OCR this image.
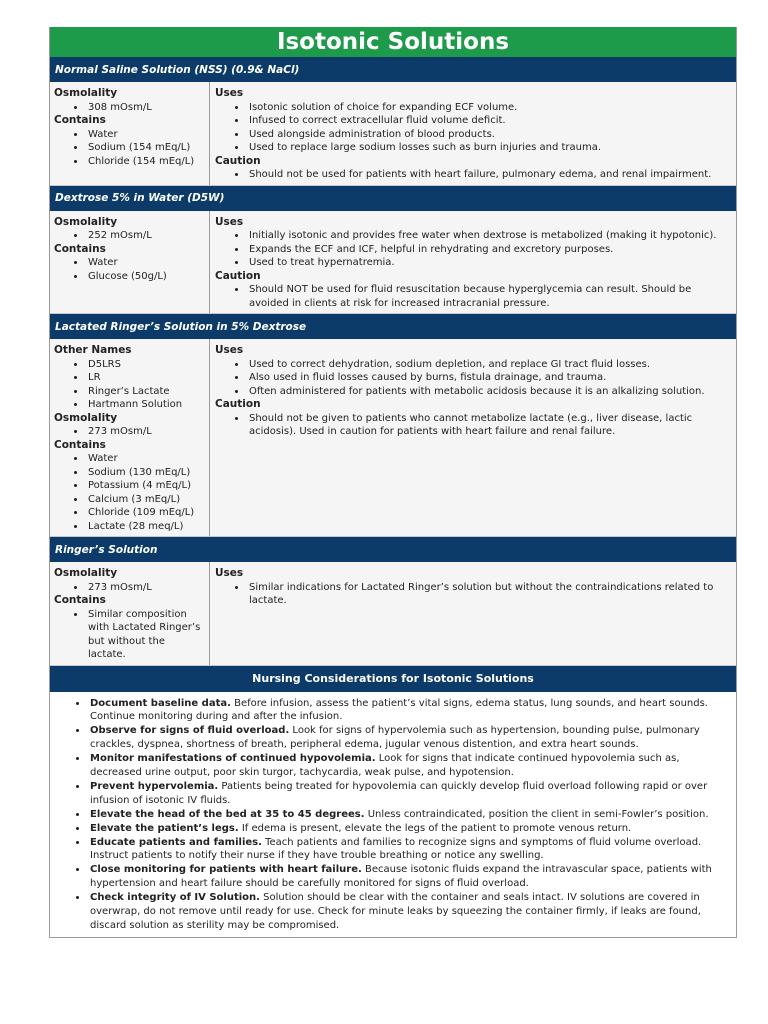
Isotonic Solutions
Normal Saline Solution (NSS) (0.9& NaCl)
Osmolality
• 308 mOsm/L
Contains
• Water
• Sodium (154 mEq/L)
• Chloride (154 mEq/L)
Uses
• Isotonic solution of choice for expanding ECF volume.
• Infused to correct extracellular fluid volume deficit.
• Used alongside administration of blood products.
• Used to replace large sodium losses such as burn injuries and trauma.
Caution
• Should not be used for patients with heart failure, pulmonary edema, and renal impairment.
Dextrose 5% in Water (D5W)
Osmolality
• 252 mOsm/L
Contains
• Water
• Glucose (50g/L)
Uses
• Initially isotonic and provides free water when dextrose is metabolized (making it hypotonic).
• Expands the ECF and ICF, helpful in rehydrating and excretory purposes.
• Used to treat hypernatremia.
Caution
• Should NOT be used for fluid resuscitation because hyperglycemia can result. Should be avoided in clients at risk for increased intracranial pressure.
Lactated Ringer’s Solution in 5% Dextrose
Other Names
• D5LRS
• LR
• Ringer’s Lactate
• Hartmann Solution
Osmolality
• 273 mOsm/L
Contains
• Water
• Sodium (130 mEq/L)
• Potassium (4 mEq/L)
• Calcium (3 mEq/L)
• Chloride (109 mEq/L)
• Lactate (28 meq/L)
Uses
• Used to correct dehydration, sodium depletion, and replace GI tract fluid losses.
• Also used in fluid losses caused by burns, fistula drainage, and trauma.
• Often administered for patients with metabolic acidosis because it is an alkalizing solution.
Caution
• Should not be given to patients who cannot metabolize lactate (e.g., liver disease, lactic acidosis). Used in caution for patients with heart failure and renal failure.
Ringer’s Solution
Osmolality
• 273 mOsm/L
Contains
• Similar composition with Lactated Ringer’s but without the lactate.
Uses
• Similar indications for Lactated Ringer’s solution but without the contraindications related to lactate.
Nursing Considerations for Isotonic Solutions
• Document baseline data. Before infusion, assess the patient’s vital signs, edema status, lung sounds, and heart sounds. Continue monitoring during and after the infusion.
• Observe for signs of fluid overload. Look for signs of hypervolemia such as hypertension, bounding pulse, pulmonary crackles, dyspnea, shortness of breath, peripheral edema, jugular venous distention, and extra heart sounds.
• Monitor manifestations of continued hypovolemia. Look for signs that indicate continued hypovolemia such as, decreased urine output, poor skin turgor, tachycardia, weak pulse, and hypotension.
• Prevent hypervolemia. Patients being treated for hypovolemia can quickly develop fluid overload following rapid or over infusion of isotonic IV fluids.
• Elevate the head of the bed at 35 to 45 degrees. Unless contraindicated, position the client in semi-Fowler’s position.
• Elevate the patient’s legs. If edema is present, elevate the legs of the patient to promote venous return.
• Educate patients and families. Teach patients and families to recognize signs and symptoms of fluid volume overload. Instruct patients to notify their nurse if they have trouble breathing or notice any swelling.
• Close monitoring for patients with heart failure. Because isotonic fluids expand the intravascular space, patients with hypertension and heart failure should be carefully monitored for signs of fluid overload.
• Check integrity of IV Solution. Solution should be clear with the container and seals intact. IV solutions are covered in overwrap, do not remove until ready for use. Check for minute leaks by squeezing the container firmly, if leaks are found, discard solution as sterility may be compromised.
